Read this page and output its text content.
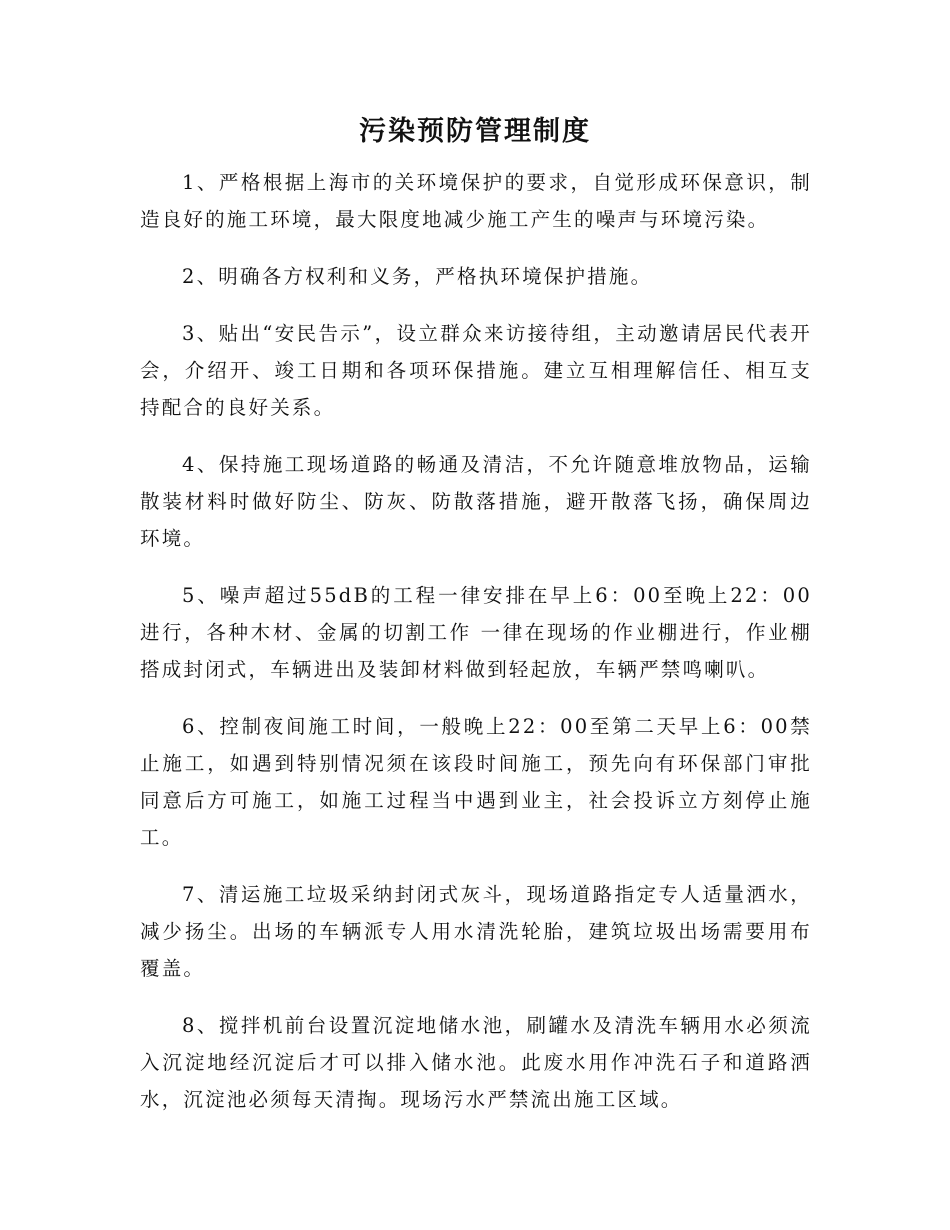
污染预防管理制度

1、严格根据上海市的关环境保护的要求，自觉形成环保意识，制造良好的施工环境，最大限度地减少施工产生的噪声与环境污染。

2、明确各方权利和义务，严格执环境保护措施。

3、贴出“安民告示”，设立群众来访接待组，主动邀请居民代表开会，介绍开、竣工日期和各项环保措施。建立互相理解信任、相互支持配合的良好关系。

4、保持施工现场道路的畅通及清洁，不允许随意堆放物品，运输散装材料时做好防尘、防灰、防散落措施，避开散落飞扬，确保周边环境。

5、噪声超过55dB的工程一律安排在早上6：00至晚上22：00进行，各种木材、金属的切割工作 一律在现场的作业棚进行，作业棚搭成封闭式，车辆进出及装卸材料做到轻起放，车辆严禁鸣喇叭。

6、控制夜间施工时间，一般晚上22：00至第二天早上6：00禁止施工，如遇到特别情况须在该段时间施工，预先向有环保部门审批同意后方可施工，如施工过程当中遇到业主，社会投诉立方刻停止施工。

7、清运施工垃圾采纳封闭式灰斗，现场道路指定专人适量洒水，减少扬尘。出场的车辆派专人用水清洗轮胎，建筑垃圾出场需要用布覆盖。

8、搅拌机前台设置沉淀地储水池，刷罐水及清洗车辆用水必须流入沉淀地经沉淀后才可以排入储水池。此废水用作冲洗石子和道路洒水，沉淀池必须每天清掏。现场污水严禁流出施工区域。
